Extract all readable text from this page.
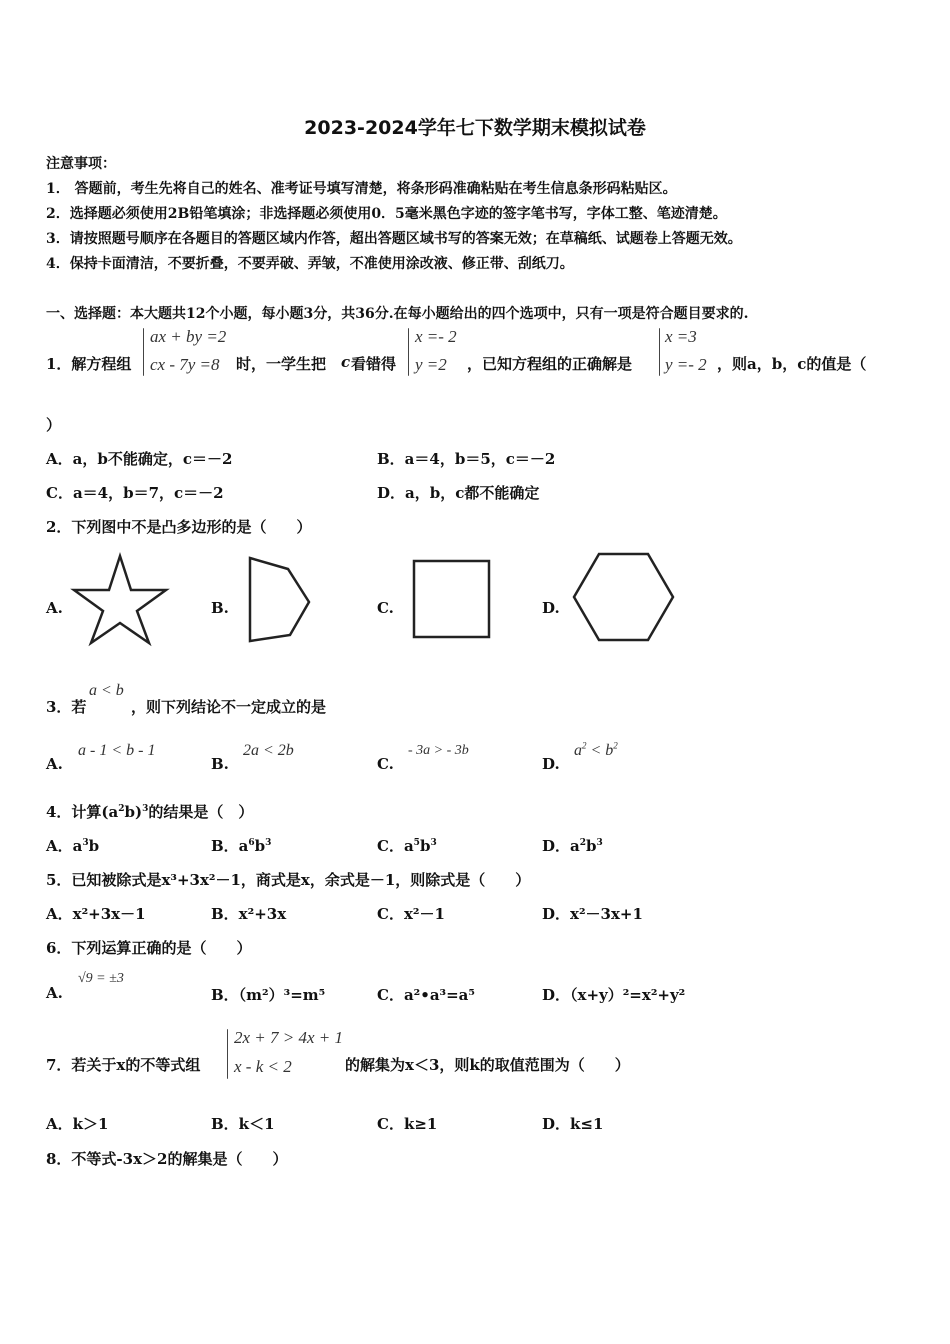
2023-2024学年七下数学期末模拟试卷
注意事项：
1． 答题前，考生先将自己的姓名、准考证号填写清楚，将条形码准确粘贴在考生信息条形码粘贴区。
2．选择题必须使用2B铅笔填涂；非选择题必须使用0．5毫米黑色字迹的签字笔书写，字体工整、笔迹清楚。
3．请按照题号顺序在各题目的答题区域内作答，超出答题区域书写的答案无效；在草稿纸、试题卷上答题无效。
4．保持卡面清洁，不要折叠，不要弄破、弄皱，不准使用涂改液、修正带、刮纸刀。
一、选择题：本大题共12个小题，每小题3分，共36分.在每小题给出的四个选项中，只有一项是符合题目要求的.
1．解方程组
ax + by =2
cx - 7y =8 时，一学生把 c 看错得
x =- 2
y =2 ，已知方程组的正确解是
x =3
y =- 2 ，则a，b，c的值是（
）
A．a，b不能确定，c＝－2	B．a＝4，b＝5，c＝－2
C．a＝4，b＝7，c＝－2	D．a，b，c都不能确定
2．下列图中不是凸多边形的是（　　）
A.	B.	C.	D.
3．若
a < b
，则下列结论不一定成立的是
A.
a - 1 < b - 1
B.
2a < 2b
C.
- 3a > - 3b
D.
$a^2 < b^2$
4．计算$(a^2b)^3$的结果是（　）
A．$a^3b$	B．$a^6b^3$	C．$a^5b^3$	D．$a^2b^3$
5．已知被除式是x³+3x²－1，商式是x，余式是－1，则除式是（　　）
A．x²+3x－1	B．x²+3x	C．x²－1	D．x²－3x+1
6．下列运算正确的是（　　）
A.
√9 = ±3
B．（m²）³=m⁵	C．a²•a³=a⁵	D．（x+y）²=x²+y²
7．若关于x的不等式组
2x + 7 > 4x + 1
x - k < 2	的解集为x＜3，则k的取值范围为（　　）
A．k＞1	B．k＜1	C．k≥1	D．k≤1
8．不等式-3x＞2的解集是（　　）
